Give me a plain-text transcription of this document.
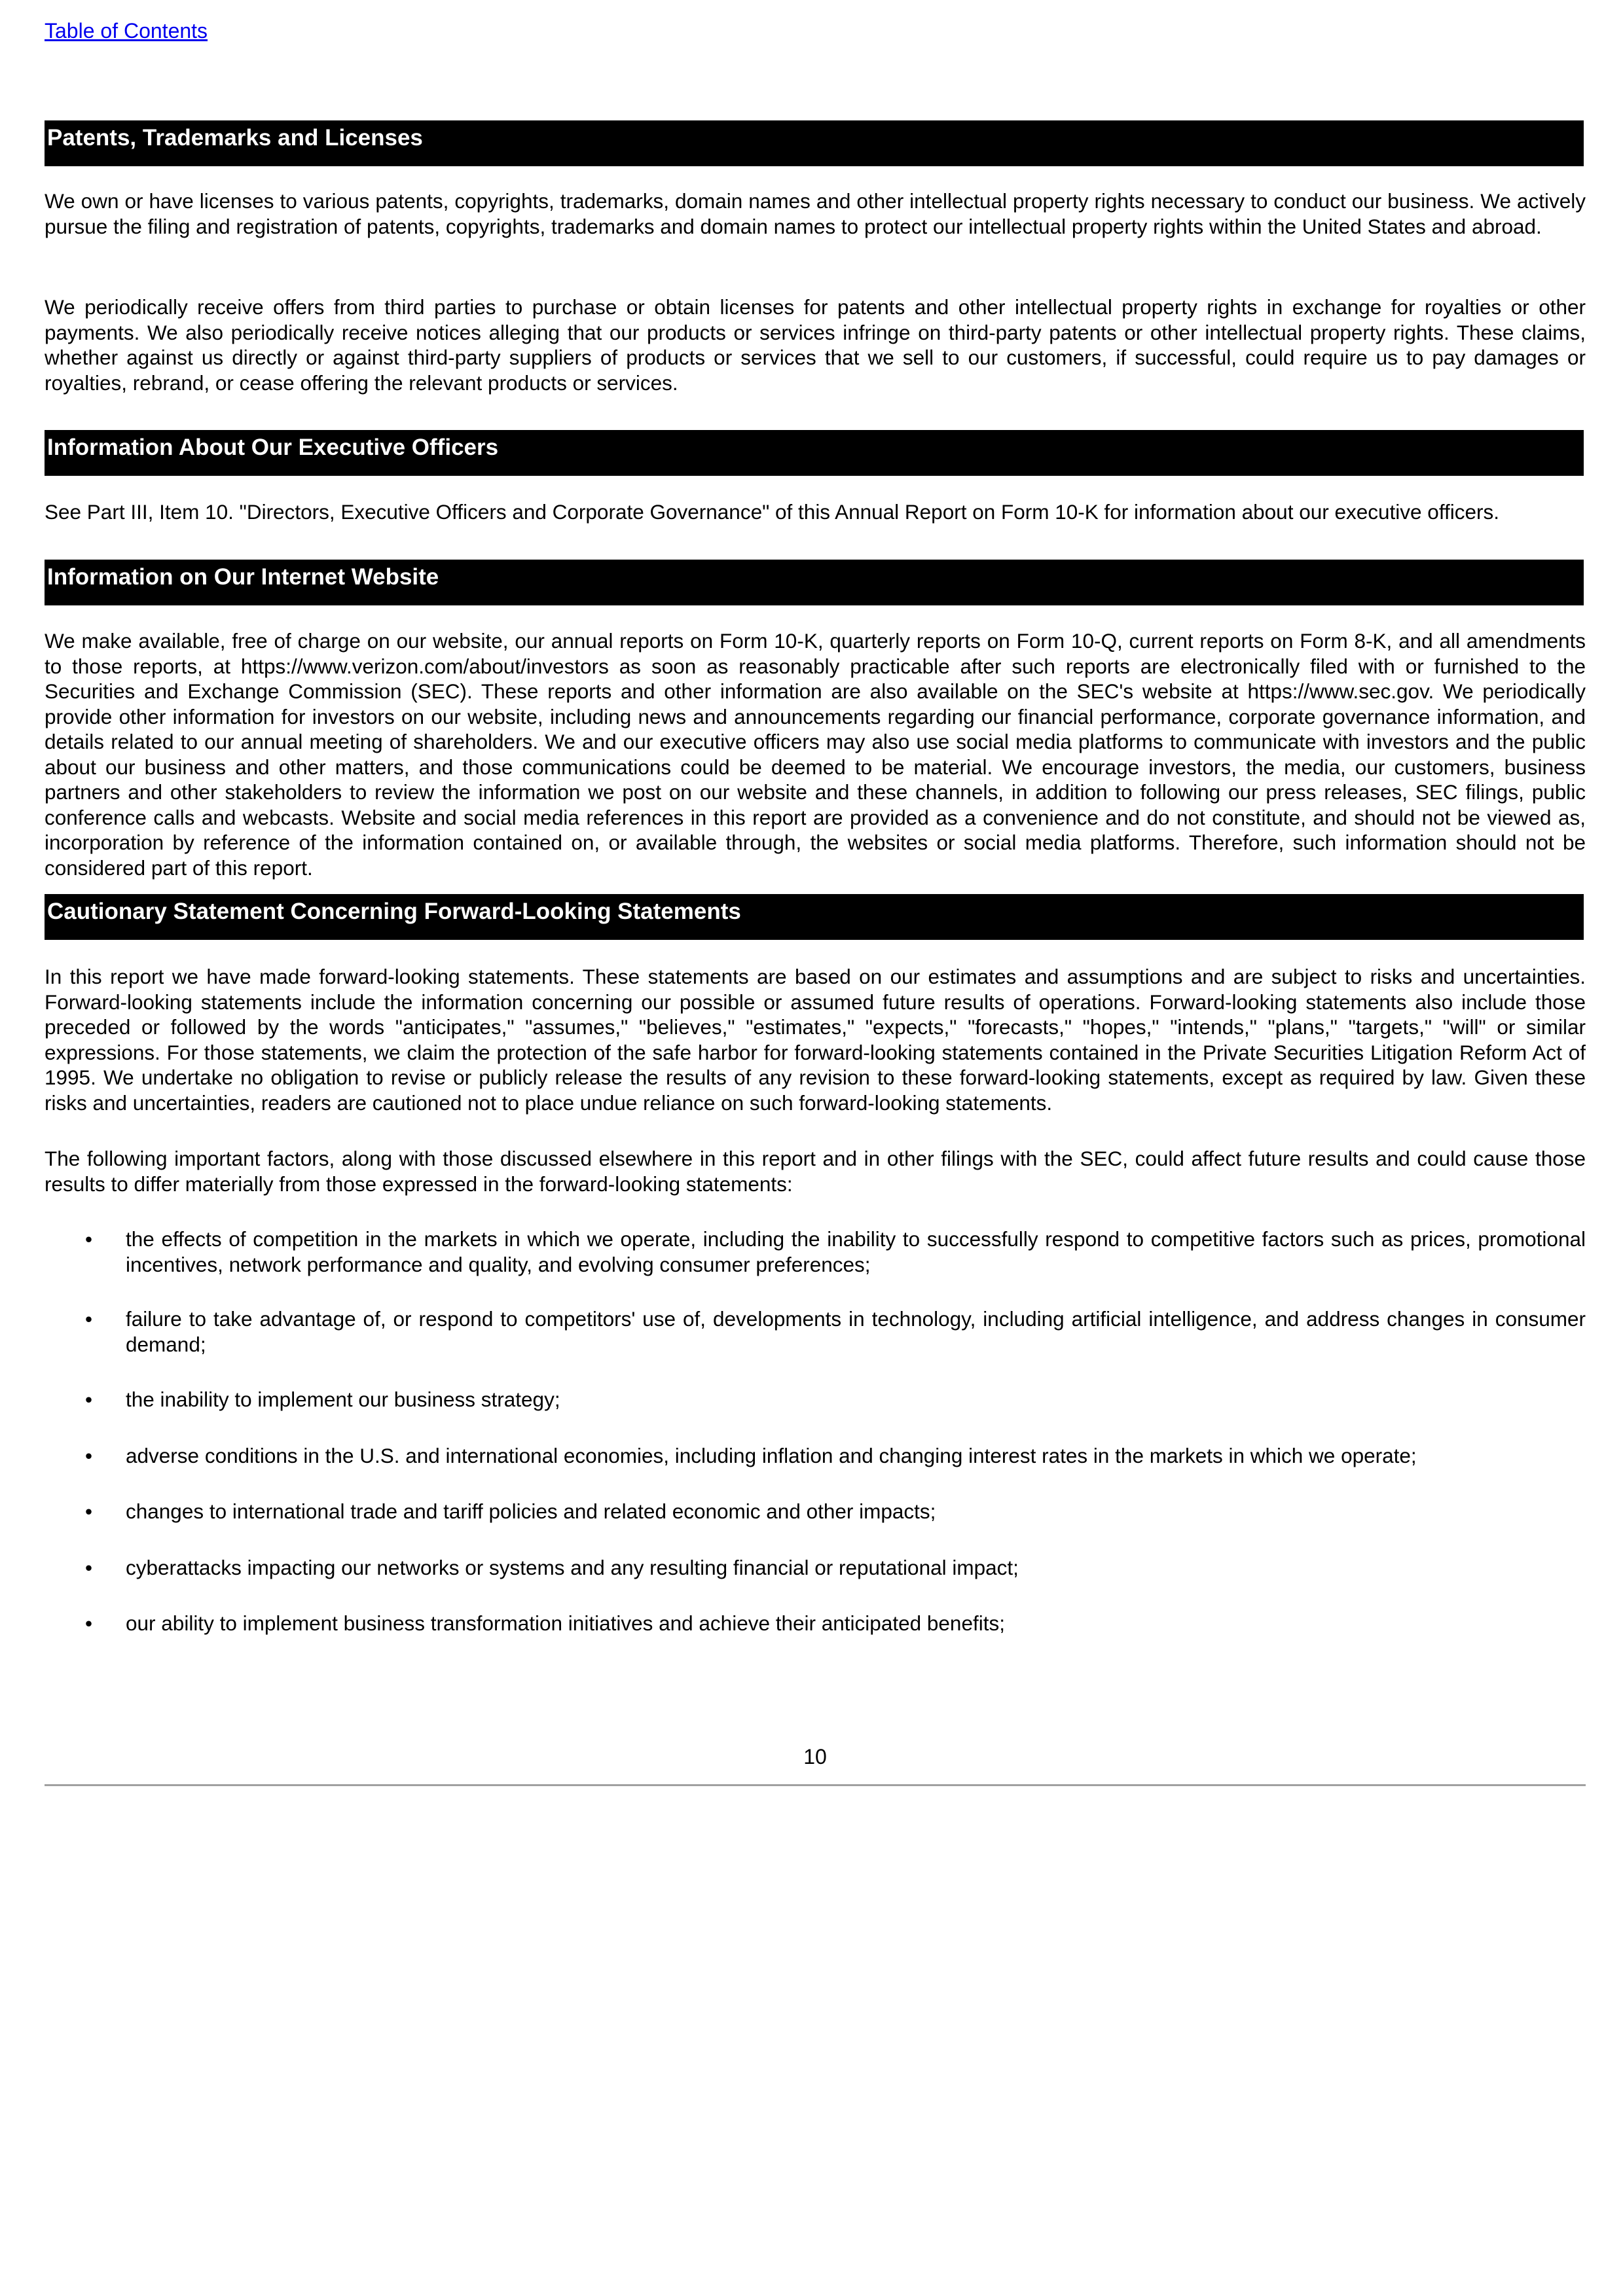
Table of Contents
Patents, Trademarks and Licenses

We own or have licenses to various patents, copyrights, trademarks, domain names and other intellectual property rights necessary to conduct our business. We actively pursue the filing and registration of patents, copyrights, trademarks and domain names to protect our intellectual property rights within the United States and abroad.

We periodically receive offers from third parties to purchase or obtain licenses for patents and other intellectual property rights in exchange for royalties or other payments. We also periodically receive notices alleging that our products or services infringe on third-party patents or other intellectual property rights. These claims, whether against us directly or against third-party suppliers of products or services that we sell to our customers, if successful, could require us to pay damages or royalties, rebrand, or cease offering the relevant products or services.

Information About Our Executive Officers

See Part III, Item 10. "Directors, Executive Officers and Corporate Governance" of this Annual Report on Form 10-K for information about our executive officers.

Information on Our Internet Website

We make available, free of charge on our website, our annual reports on Form 10-K, quarterly reports on Form 10-Q, current reports on Form 8-K, and all amendments to those reports, at https://www.verizon.com/about/investors as soon as reasonably practicable after such reports are electronically filed with or furnished to the Securities and Exchange Commission (SEC). These reports and other information are also available on the SEC's website at https://www.sec.gov. We periodically provide other information for investors on our website, including news and announcements regarding our financial performance, corporate governance information, and details related to our annual meeting of shareholders. We and our executive officers may also use social media platforms to communicate with investors and the public about our business and other matters, and those communications could be deemed to be material. We encourage investors, the media, our customers, business partners and other stakeholders to review the information we post on our website and these channels, in addition to following our press releases, SEC filings, public conference calls and webcasts. Website and social media references in this report are provided as a convenience and do not constitute, and should not be viewed as, incorporation by reference of the information contained on, or available through, the websites or social media platforms. Therefore, such information should not be considered part of this report.

Cautionary Statement Concerning Forward-Looking Statements

In this report we have made forward-looking statements. These statements are based on our estimates and assumptions and are subject to risks and uncertainties. Forward-looking statements include the information concerning our possible or assumed future results of operations. Forward-looking statements also include those preceded or followed by the words "anticipates," "assumes," "believes," "estimates," "expects," "forecasts," "hopes," "intends," "plans," "targets," "will" or similar expressions. For those statements, we claim the protection of the safe harbor for forward-looking statements contained in the Private Securities Litigation Reform Act of 1995. We undertake no obligation to revise or publicly release the results of any revision to these forward-looking statements, except as required by law. Given these risks and uncertainties, readers are cautioned not to place undue reliance on such forward-looking statements.

The following important factors, along with those discussed elsewhere in this report and in other filings with the SEC, could affect future results and could cause those results to differ materially from those expressed in the forward-looking statements:

• the effects of competition in the markets in which we operate, including the inability to successfully respond to competitive factors such as prices, promotional incentives, network performance and quality, and evolving consumer preferences;
• failure to take advantage of, or respond to competitors' use of, developments in technology, including artificial intelligence, and address changes in consumer demand;
• the inability to implement our business strategy;
• adverse conditions in the U.S. and international economies, including inflation and changing interest rates in the markets in which we operate;
• changes to international trade and tariff policies and related economic and other impacts;
• cyberattacks impacting our networks or systems and any resulting financial or reputational impact;
• our ability to implement business transformation initiatives and achieve their anticipated benefits;
10
